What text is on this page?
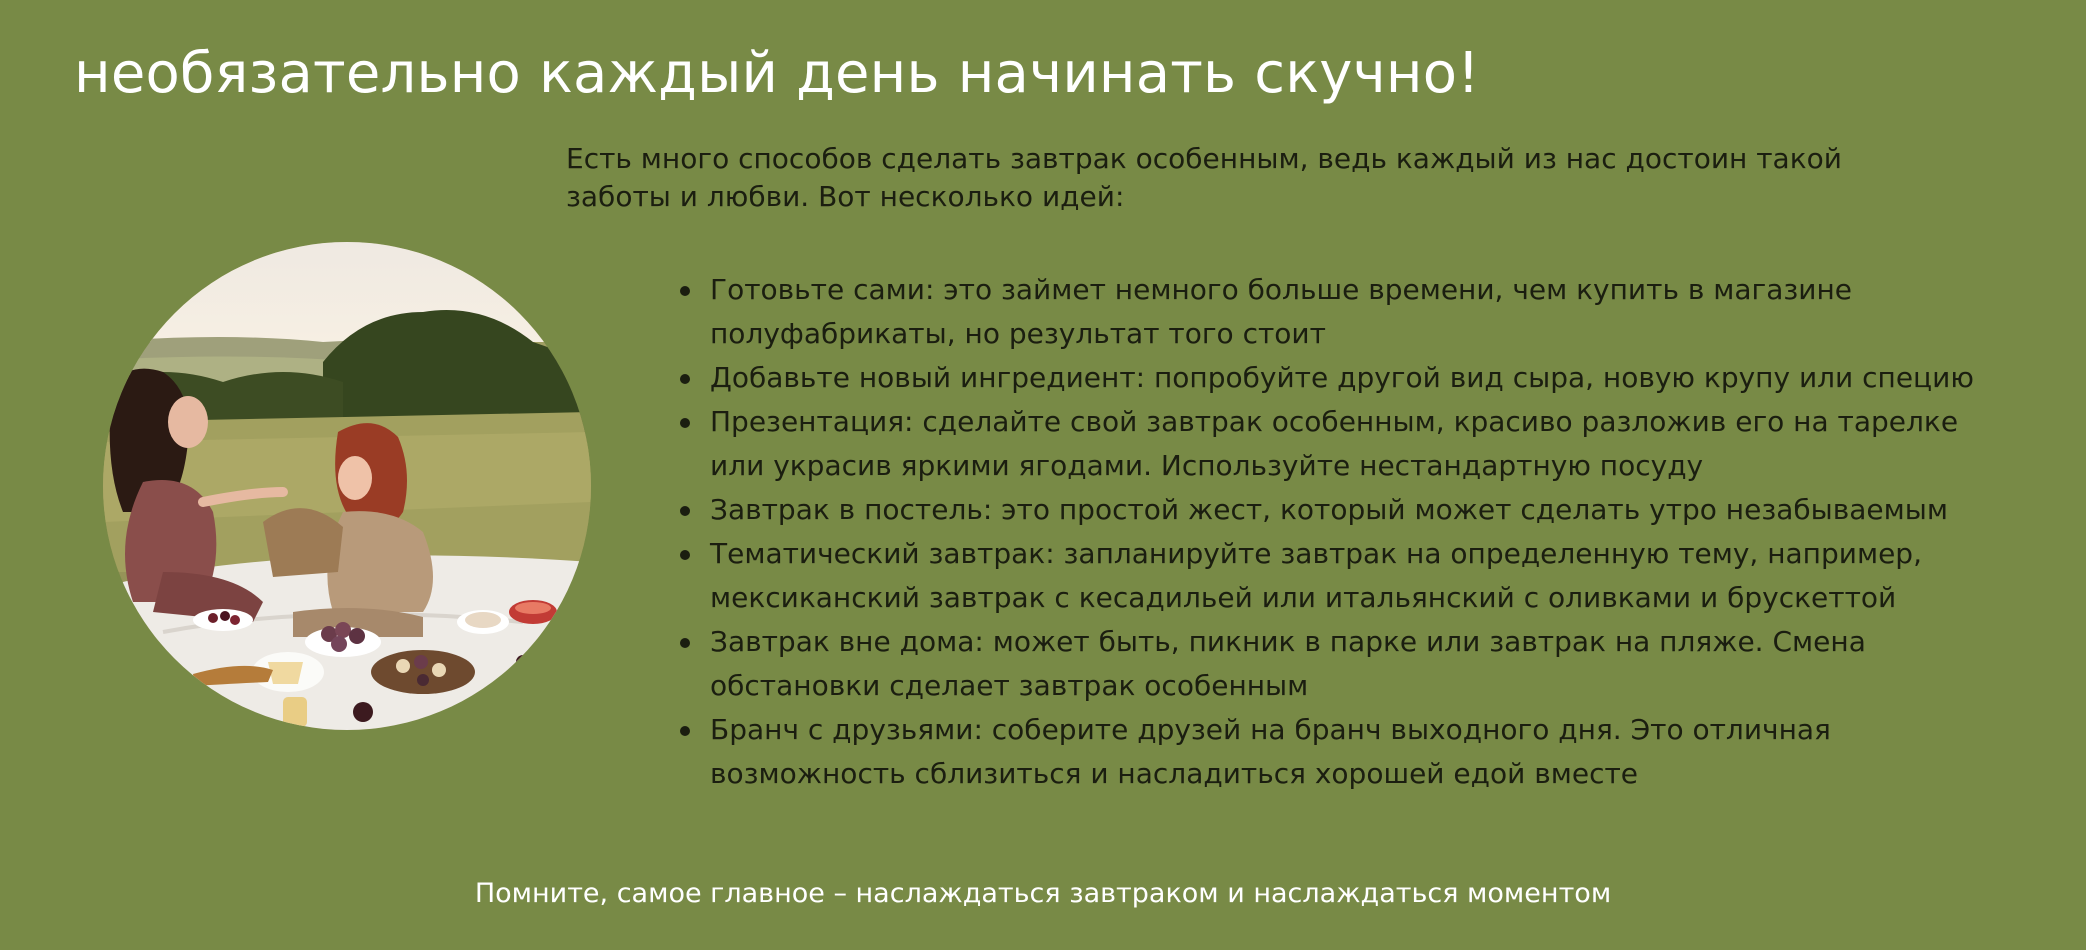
необязательно каждый день начинать скучно!

Есть много способов сделать завтрак особенным, ведь каждый из нас достоин такой
заботы и любви. Вот несколько идей:

Готовьте сами: это займет немного больше времени, чем купить в магазине
полуфабрикаты, но результат того стоит
Добавьте новый ингредиент: попробуйте другой вид сыра, новую крупу или специю
Презентация: сделайте свой завтрак особенным, красиво разложив его на тарелке
или украсив яркими ягодами. Используйте нестандартную посуду
Завтрак в постель: это простой жест, который может сделать утро незабываемым
Тематический завтрак: запланируйте завтрак на определенную тему, например,
мексиканский завтрак с кесадильей или итальянский с оливками и брускеттой
Завтрак вне дома: может быть, пикник в парке или завтрак на пляже. Смена
обстановки сделает завтрак особенным
Бранч с друзьями: соберите друзей на бранч выходного дня. Это отличная
возможность сблизиться и насладиться хорошей едой вместе

Помните, самое главное – наслаждаться завтраком и наслаждаться моментом
